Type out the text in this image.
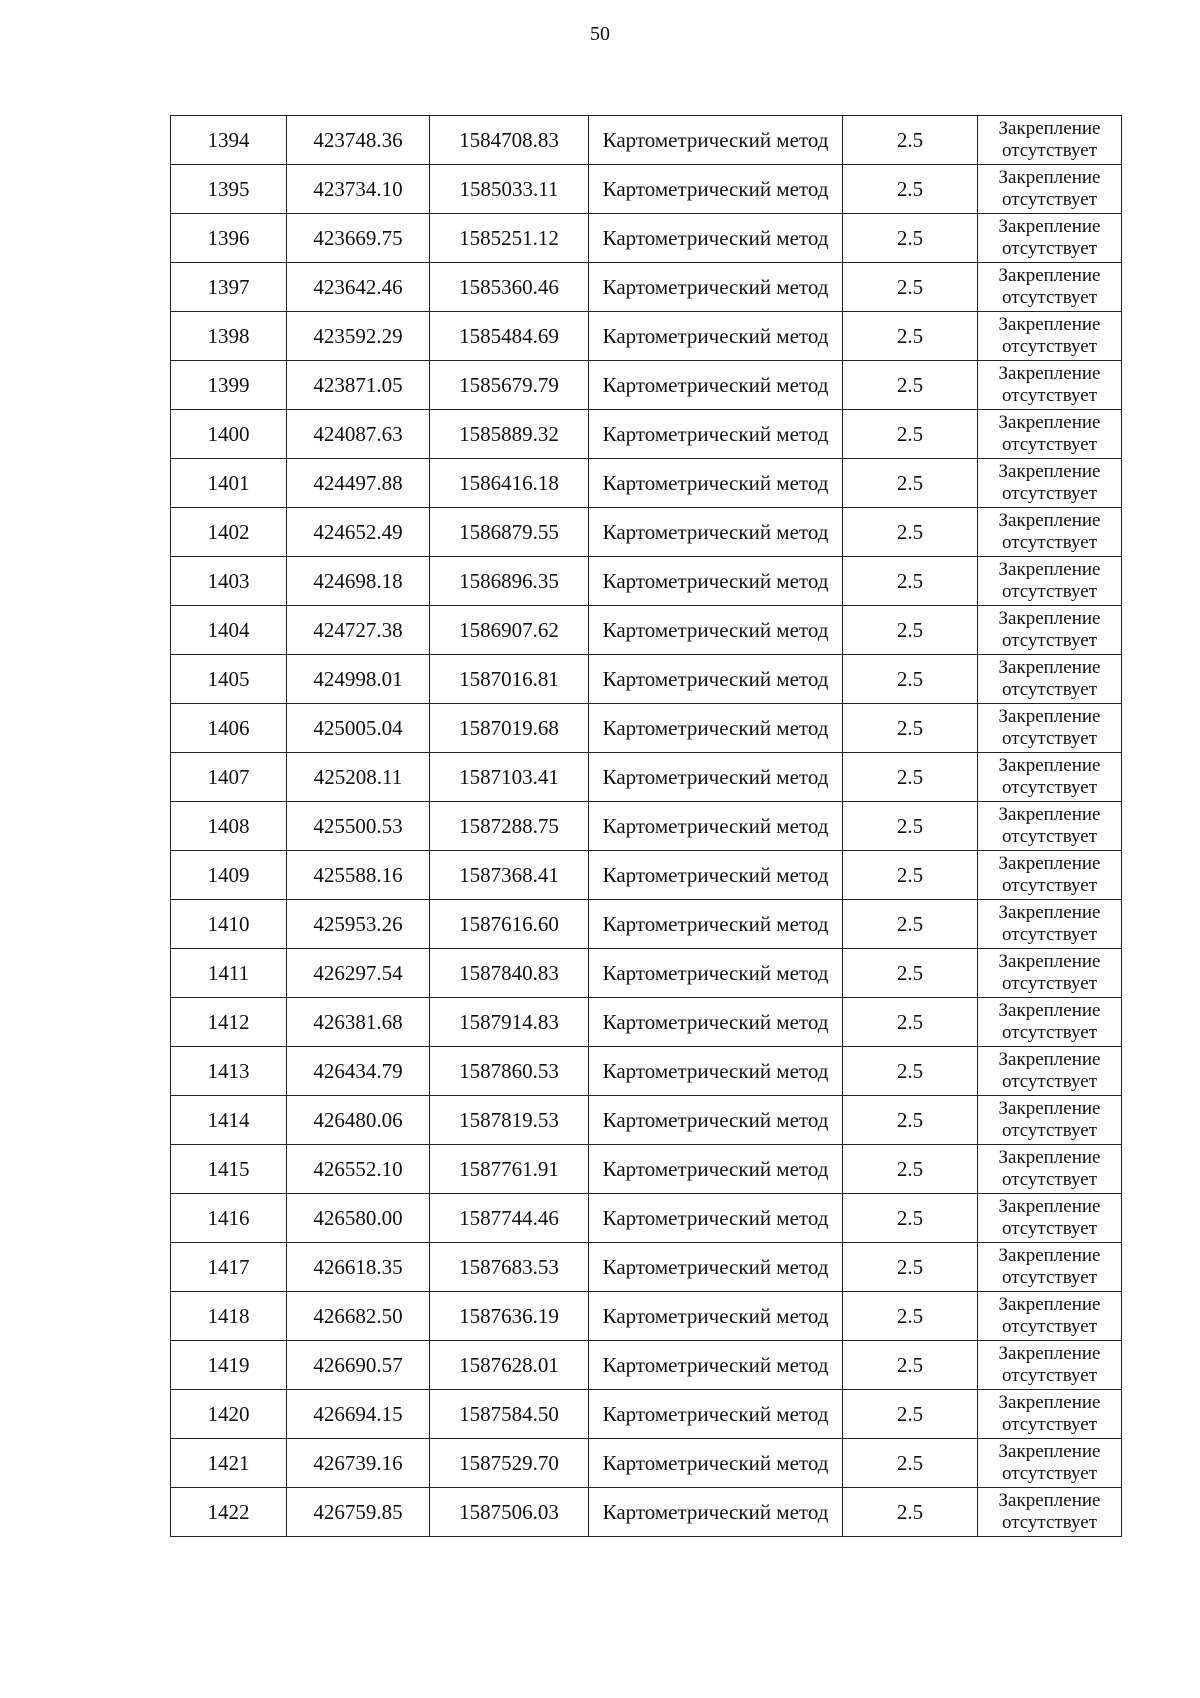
50
1394	423748.36	1584708.83	Картометрический метод	2.5	Закрепление
отсутствует

1395	423734.10	1585033.11	Картометрический метод	2.5	Закрепление
отсутствует

1396	423669.75	1585251.12	Картометрический метод	2.5	Закрепление
отсутствует

1397	423642.46	1585360.46	Картометрический метод	2.5	Закрепление
отсутствует

1398	423592.29	1585484.69	Картометрический метод	2.5	Закрепление
отсутствует

1399	423871.05	1585679.79	Картометрический метод	2.5	Закрепление
отсутствует

1400	424087.63	1585889.32	Картометрический метод	2.5	Закрепление
отсутствует

1401	424497.88	1586416.18	Картометрический метод	2.5	Закрепление
отсутствует

1402	424652.49	1586879.55	Картометрический метод	2.5	Закрепление
отсутствует

1403	424698.18	1586896.35	Картометрический метод	2.5	Закрепление
отсутствует

1404	424727.38	1586907.62	Картометрический метод	2.5	Закрепление
отсутствует

1405	424998.01	1587016.81	Картометрический метод	2.5	Закрепление
отсутствует

1406	425005.04	1587019.68	Картометрический метод	2.5	Закрепление
отсутствует

1407	425208.11	1587103.41	Картометрический метод	2.5	Закрепление
отсутствует

1408	425500.53	1587288.75	Картометрический метод	2.5	Закрепление
отсутствует

1409	425588.16	1587368.41	Картометрический метод	2.5	Закрепление
отсутствует

1410	425953.26	1587616.60	Картометрический метод	2.5	Закрепление
отсутствует

1411	426297.54	1587840.83	Картометрический метод	2.5	Закрепление
отсутствует

1412	426381.68	1587914.83	Картометрический метод	2.5	Закрепление
отсутствует

1413	426434.79	1587860.53	Картометрический метод	2.5	Закрепление
отсутствует

1414	426480.06	1587819.53	Картометрический метод	2.5	Закрепление
отсутствует

1415	426552.10	1587761.91	Картометрический метод	2.5	Закрепление
отсутствует

1416	426580.00	1587744.46	Картометрический метод	2.5	Закрепление
отсутствует

1417	426618.35	1587683.53	Картометрический метод	2.5	Закрепление
отсутствует

1418	426682.50	1587636.19	Картометрический метод	2.5	Закрепление
отсутствует

1419	426690.57	1587628.01	Картометрический метод	2.5	Закрепление
отсутствует

1420	426694.15	1587584.50	Картометрический метод	2.5	Закрепление
отсутствует

1421	426739.16	1587529.70	Картометрический метод	2.5	Закрепление
отсутствует

1422	426759.85	1587506.03	Картометрический метод	2.5	Закрепление
отсутствует
